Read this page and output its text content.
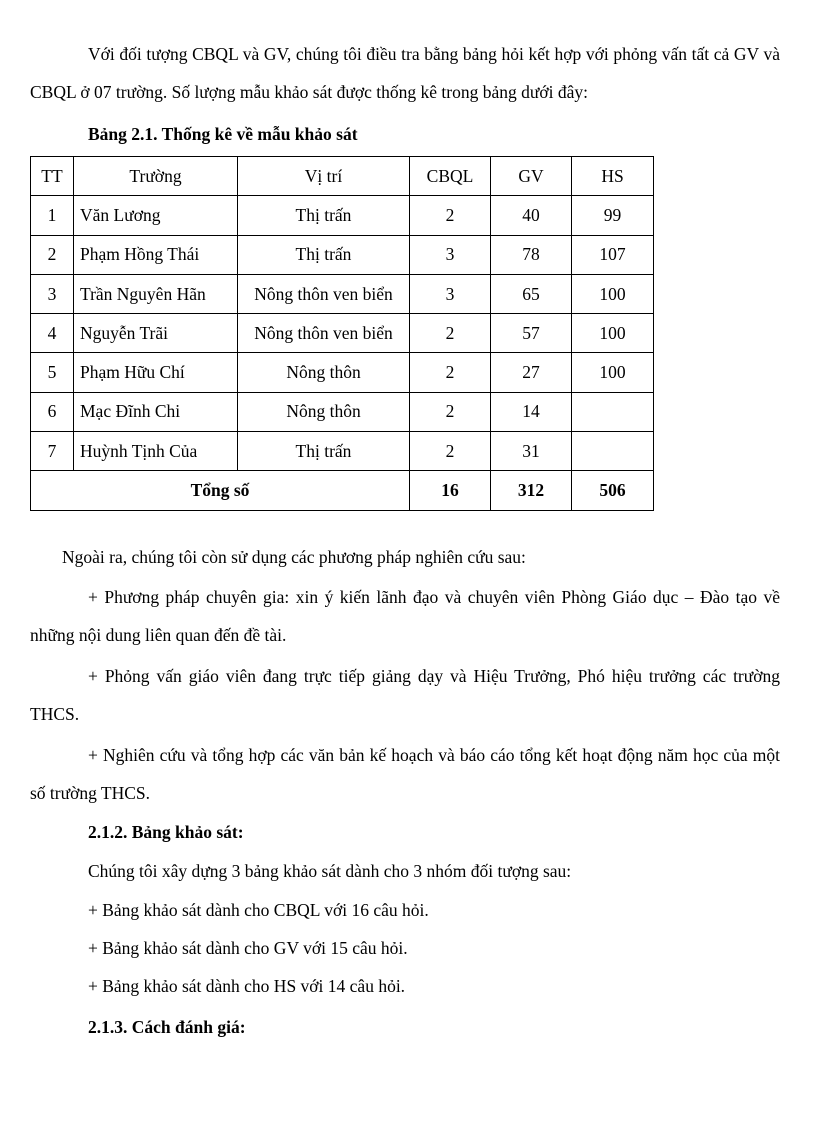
Với đối tượng CBQL và GV, chúng tôi điều tra bằng bảng hỏi kết hợp với phỏng vấn tất cả GV và CBQL ở 07 trường. Số lượng mẫu khảo sát được thống kê trong bảng dưới đây:

Bảng 2.1. Thống kê về mẫu khảo sát

TT	Trường	Vị trí	CBQL	GV	HS
1	Văn Lương	Thị trấn	2	40	99
2	Phạm Hồng Thái	Thị trấn	3	78	107
3	Trần Nguyên Hãn	Nông thôn ven biển	3	65	100
4	Nguyễn Trãi	Nông thôn ven biển	2	57	100
5	Phạm Hữu Chí	Nông thôn	2	27	100
6	Mạc Đĩnh Chi	Nông thôn	2	14	
7	Huỳnh Tịnh Của	Thị trấn	2	31	
Tổng số			16	312	506

Ngoài ra, chúng tôi còn sử dụng các phương pháp nghiên cứu sau:

+ Phương pháp chuyên gia: xin ý kiến lãnh đạo và chuyên viên Phòng Giáo dục – Đào tạo về những nội dung liên quan đến đề tài.

+ Phỏng vấn giáo viên đang trực tiếp giảng dạy và Hiệu Trưởng, Phó hiệu trưởng các trường THCS.

+ Nghiên cứu và tổng hợp các văn bản kế hoạch và báo cáo tổng kết hoạt động năm học của một số trường THCS.

2.1.2. Bảng khảo sát:

Chúng tôi xây dựng 3 bảng khảo sát dành cho 3 nhóm đối tượng sau:

+ Bảng khảo sát dành cho CBQL với 16 câu hỏi.

+ Bảng khảo sát dành cho GV với 15 câu hỏi.

+ Bảng khảo sát dành cho HS với 14 câu hỏi.

2.1.3. Cách đánh giá:
